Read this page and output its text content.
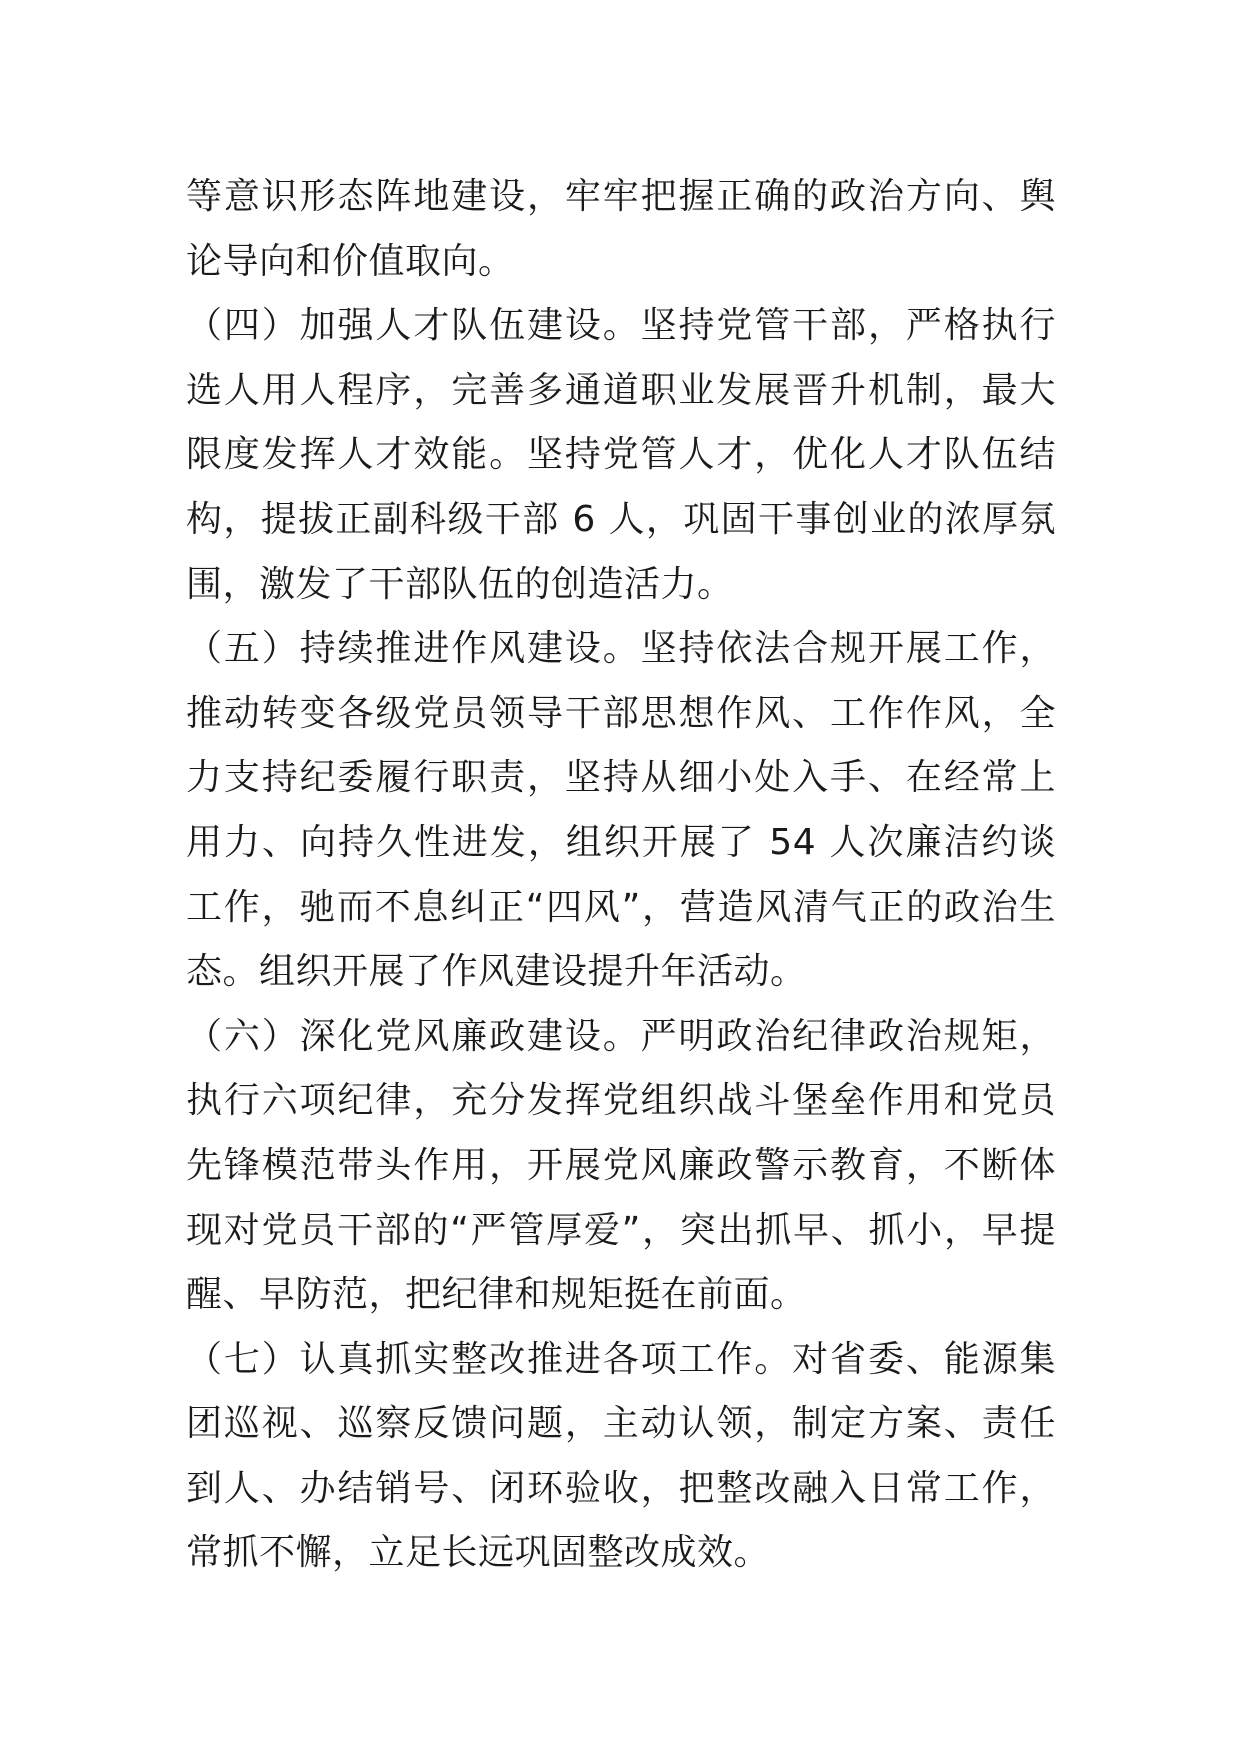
等意识形态阵地建设，牢牢把握正确的政治方向、舆论导向和价值取向。

（四）加强人才队伍建设。坚持党管干部，严格执行选人用人程序，完善多通道职业发展晋升机制，最大限度发挥人才效能。坚持党管人才，优化人才队伍结构，提拔正副科级干部 6 人，巩固干事创业的浓厚氛围，激发了干部队伍的创造活力。

（五）持续推进作风建设。坚持依法合规开展工作，推动转变各级党员领导干部思想作风、工作作风，全力支持纪委履行职责，坚持从细小处入手、在经常上用力、向持久性进发，组织开展了 54 人次廉洁约谈工作，驰而不息纠正“四风”，营造风清气正的政治生态。组织开展了作风建设提升年活动。

（六）深化党风廉政建设。严明政治纪律政治规矩，执行六项纪律，充分发挥党组织战斗堡垒作用和党员先锋模范带头作用，开展党风廉政警示教育，不断体现对党员干部的“严管厚爱”，突出抓早、抓小，早提醒、早防范，把纪律和规矩挺在前面。

（七）认真抓实整改推进各项工作。对省委、能源集团巡视、巡察反馈问题，主动认领，制定方案、责任到人、办结销号、闭环验收，把整改融入日常工作，常抓不懈，立足长远巩固整改成效。
